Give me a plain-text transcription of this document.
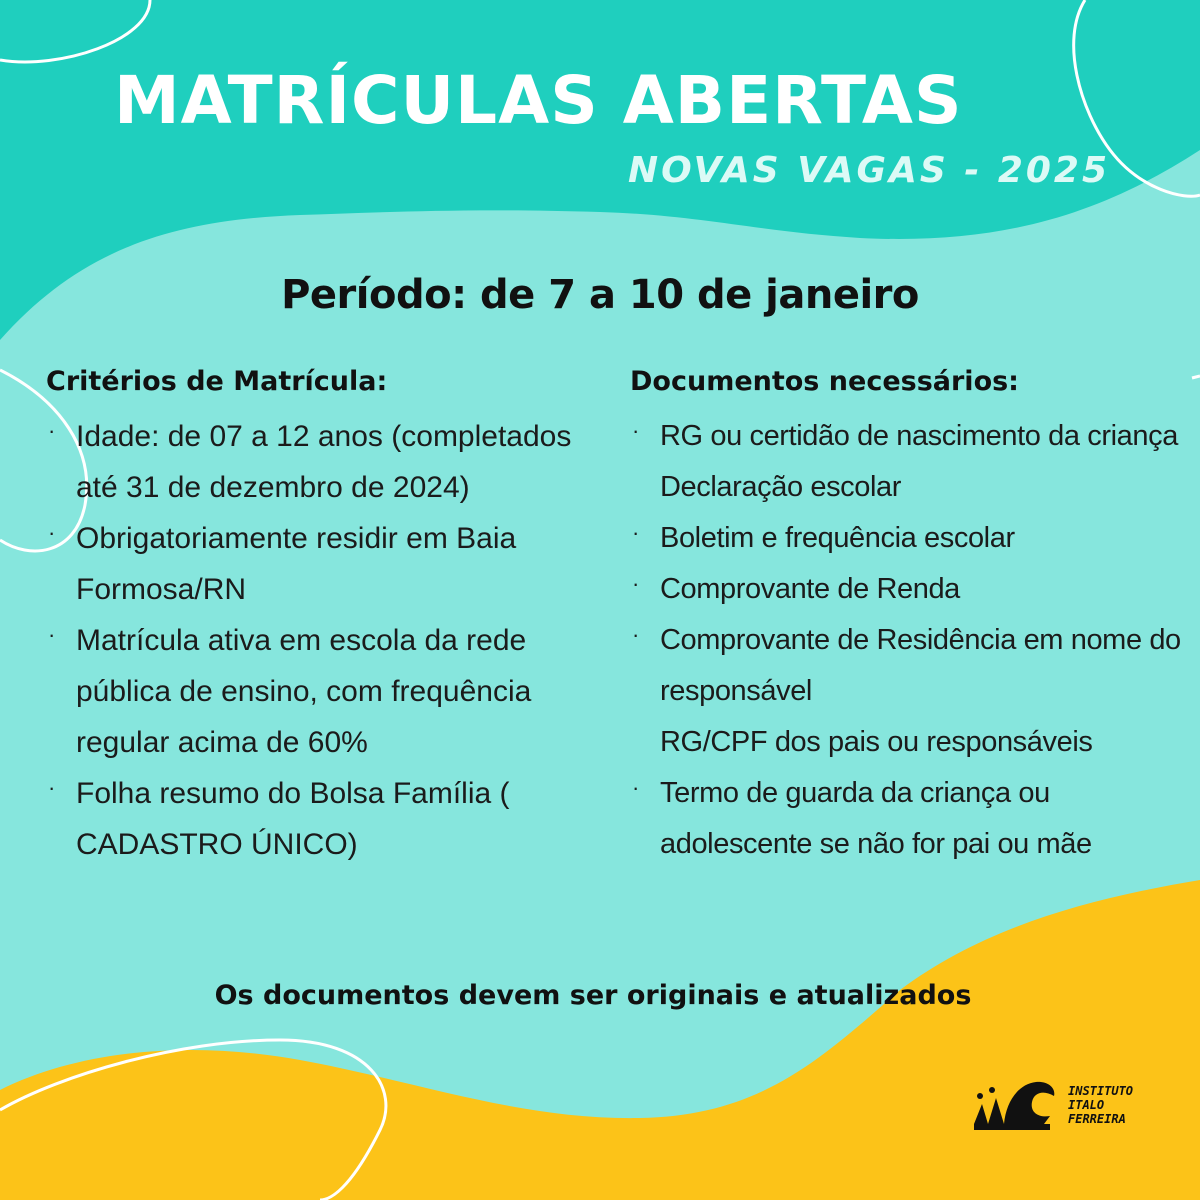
MATRÍCULAS ABERTAS

NOVAS VAGAS - 2025

Período: de 7 a 10 de janeiro

Critérios de Matrícula:
· Idade: de 07 a 12 anos (completados até 31 de dezembro de 2024)
· Obrigatoriamente residir em Baia Formosa/RN
· Matrícula ativa em escola da rede pública de ensino, com frequência regular acima de 60%
· Folha resumo do Bolsa Família ( CADASTRO ÚNICO)
Documentos necessários:
· RG ou certidão de nascimento da criança
Declaração escolar
· Boletim e frequência escolar
· Comprovante de Renda
· Comprovante de Residência em nome do responsável
RG/CPF dos pais ou responsáveis
· Termo de guarda da criança ou adolescente se não for pai ou mãe

Os documentos devem ser originais e atualizados

INSTITUTO
ITALO
FERREIRA
